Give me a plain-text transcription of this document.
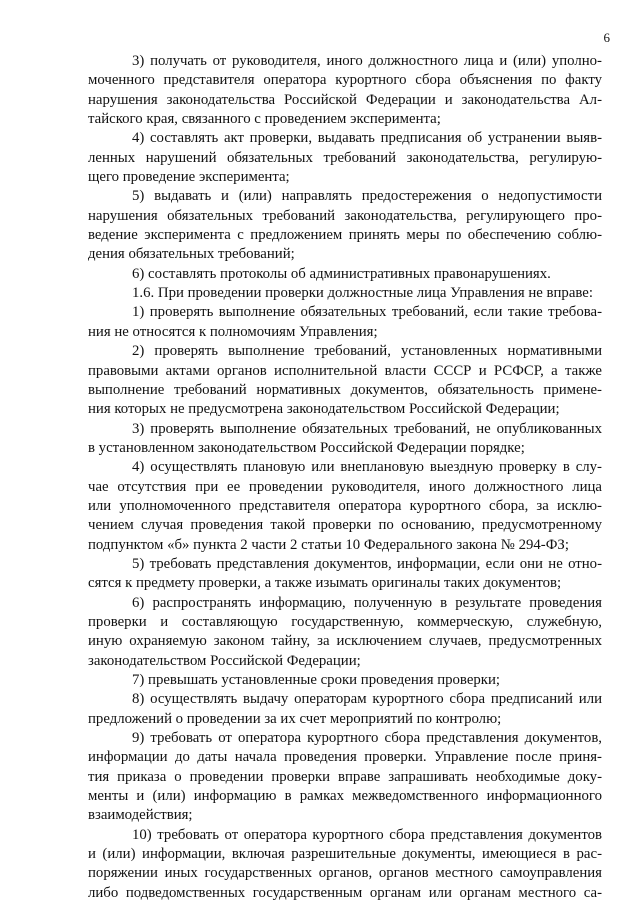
6
3) получать от руководителя, иного должностного лица и (или) уполно-
моченного представителя оператора курортного сбора объяснения по факту
нарушения законодательства Российской Федерации и законодательства Ал-
тайского края, связанного с проведением эксперимента;
4) составлять акт проверки, выдавать предписания об устранении выяв-
ленных нарушений обязательных требований законодательства, регулирую-
щего проведение эксперимента;
5) выдавать и (или) направлять предостережения о недопустимости
нарушения обязательных требований законодательства, регулирующего про-
ведение эксперимента с предложением принять меры по обеспечению соблю-
дения обязательных требований;
6) составлять протоколы об административных правонарушениях.
1.6. При проведении проверки должностные лица Управления не вправе:
1) проверять выполнение обязательных требований, если такие требова-
ния не относятся к полномочиям Управления;
2) проверять выполнение требований, установленных нормативными
правовыми актами органов исполнительной власти СССР и РСФСР, а также
выполнение требований нормативных документов, обязательность примене-
ния которых не предусмотрена законодательством Российской Федерации;
3) проверять выполнение обязательных требований, не опубликованных
в установленном законодательством Российской Федерации порядке;
4) осуществлять плановую или внеплановую выездную проверку в слу-
чае отсутствия при ее проведении руководителя, иного должностного лица
или уполномоченного представителя оператора курортного сбора, за исклю-
чением случая проведения такой проверки по основанию, предусмотренному
подпунктом «б» пункта 2 части 2 статьи 10 Федерального закона № 294-ФЗ;
5) требовать представления документов, информации, если они не отно-
сятся к предмету проверки, а также изымать оригиналы таких документов;
6) распространять информацию, полученную в результате проведения
проверки и составляющую государственную, коммерческую, служебную,
иную охраняемую законом тайну, за исключением случаев, предусмотренных
законодательством Российской Федерации;
7) превышать установленные сроки проведения проверки;
8) осуществлять выдачу операторам курортного сбора предписаний или
предложений о проведении за их счет мероприятий по контролю;
9) требовать от оператора курортного сбора представления документов,
информации до даты начала проведения проверки. Управление после приня-
тия приказа о проведении проверки вправе запрашивать необходимые доку-
менты и (или) информацию в рамках межведомственного информационного
взаимодействия;
10) требовать от оператора курортного сбора представления документов
и (или) информации, включая разрешительные документы, имеющиеся в рас-
поряжении иных государственных органов, органов местного самоуправления
либо подведомственных государственным органам или органам местного са-
